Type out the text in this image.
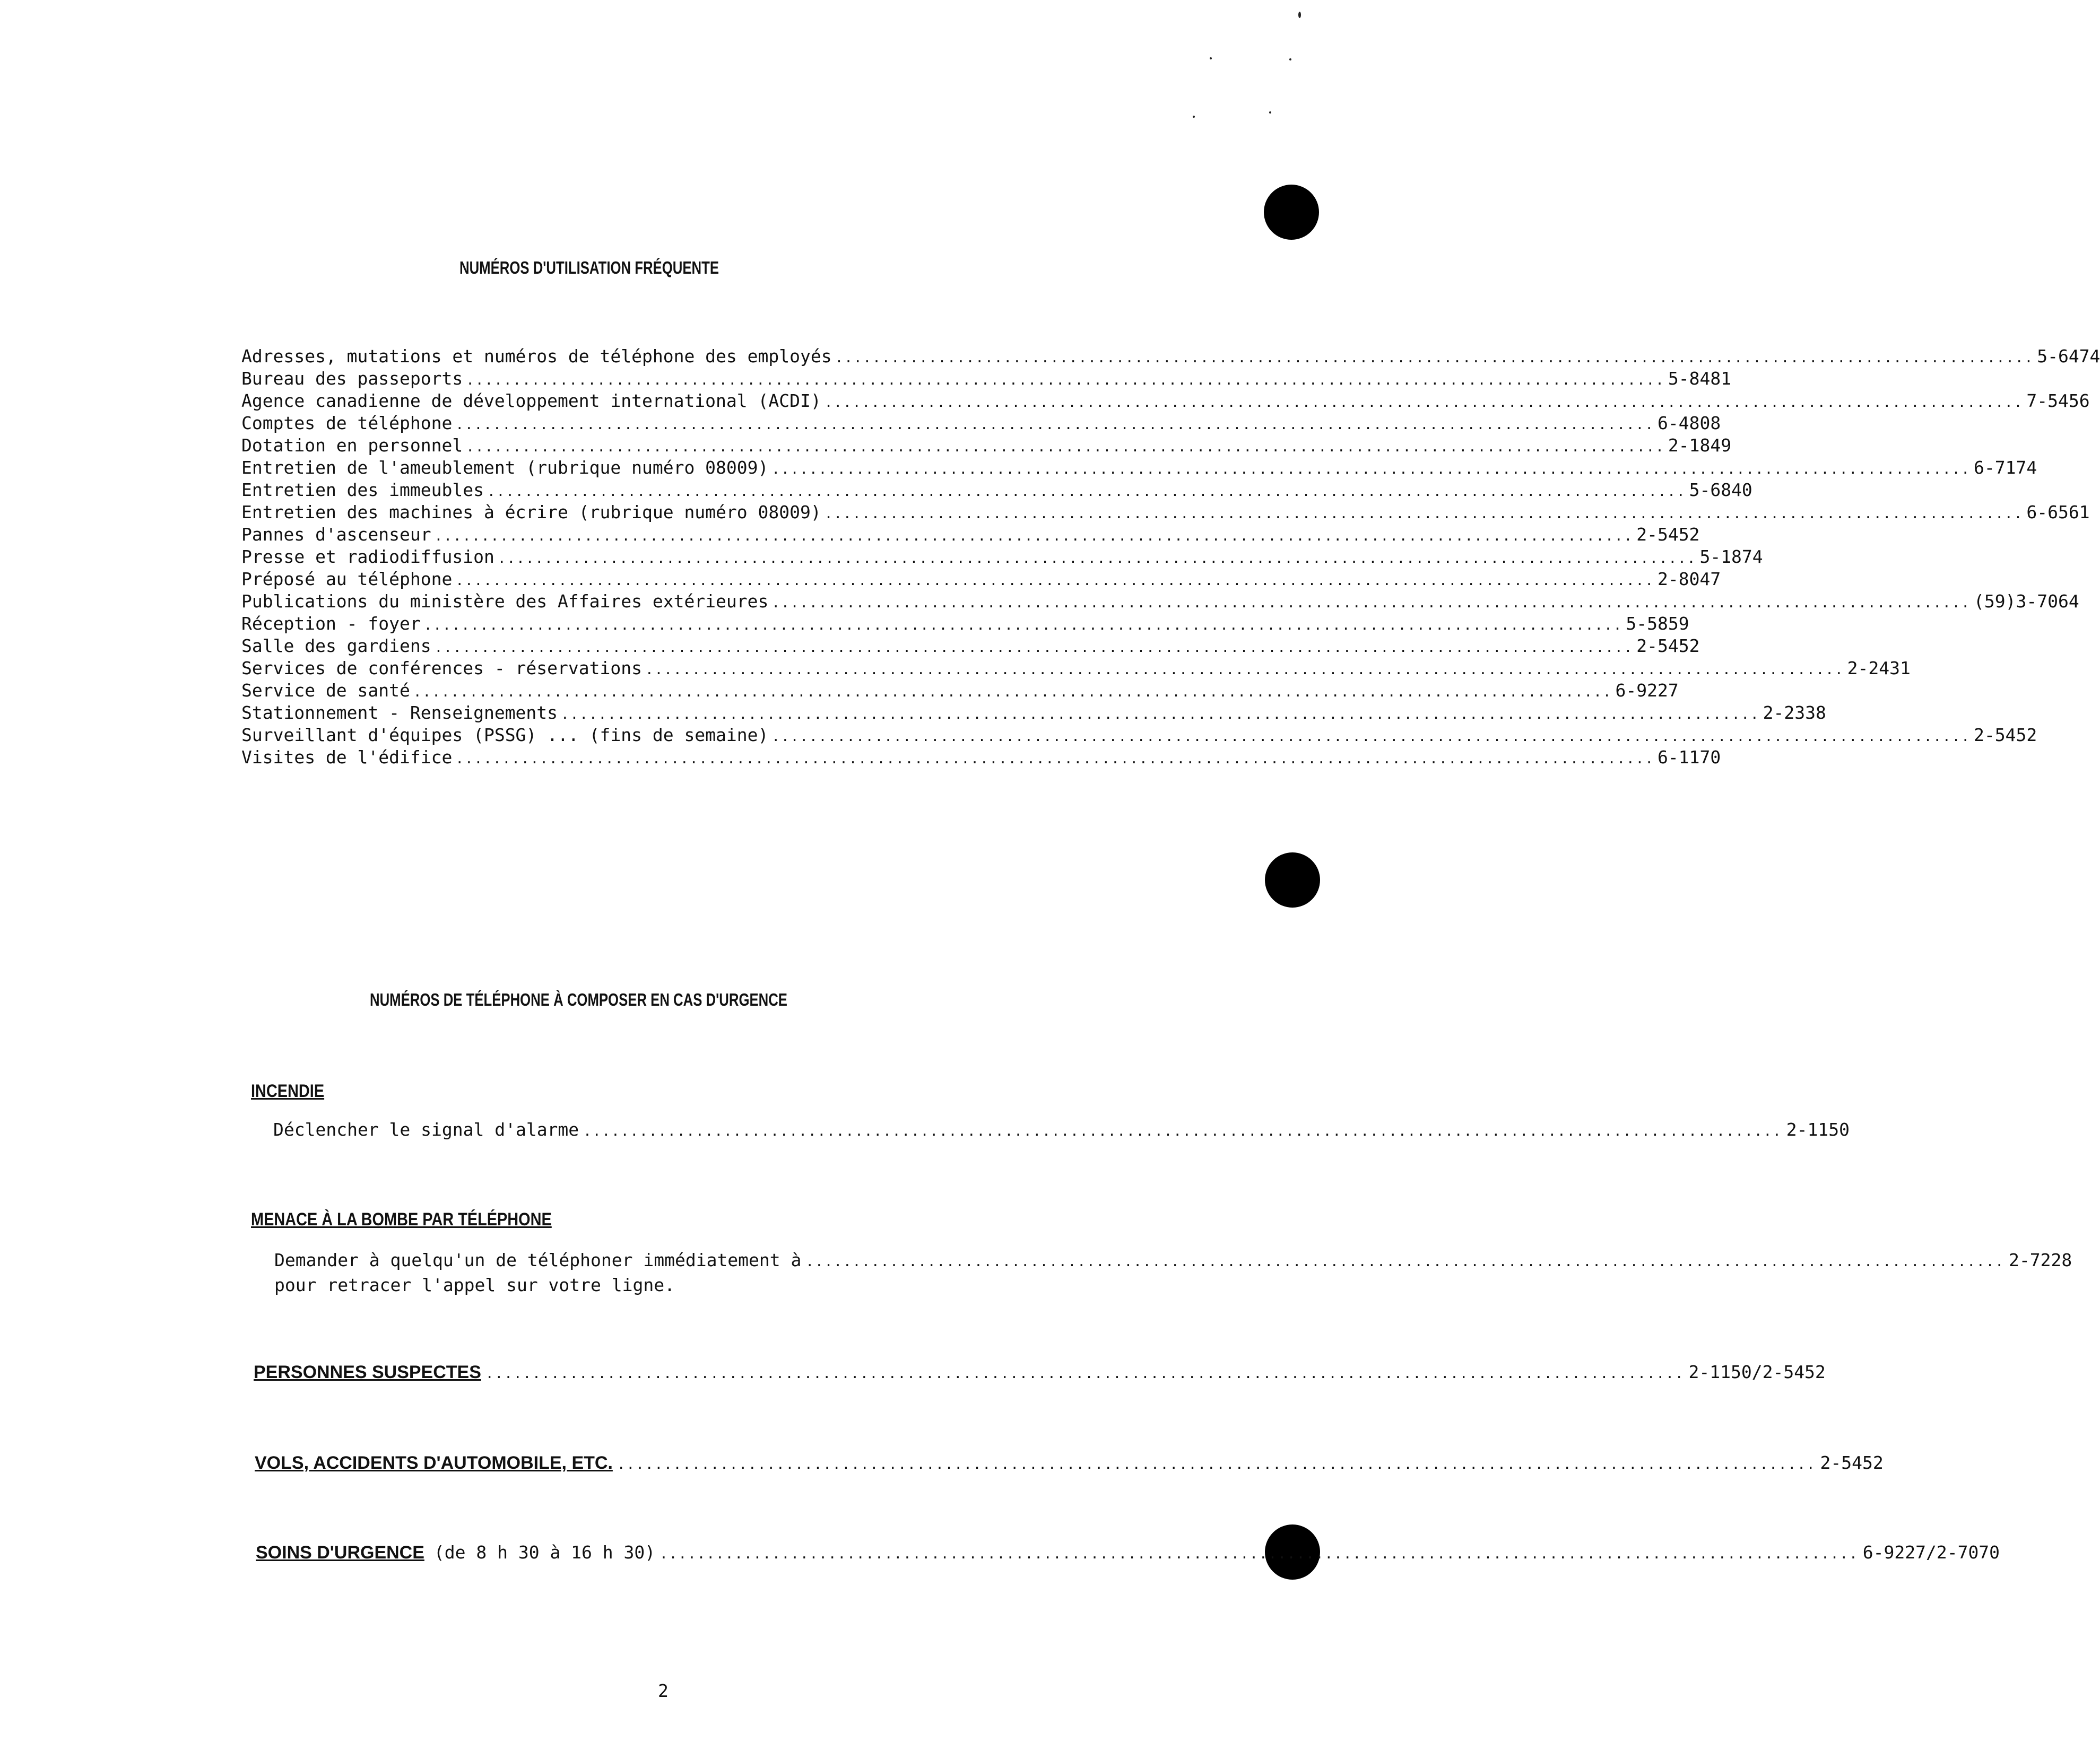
NUMÉROS D'UTILISATION FRÉQUENTE
Adresses, mutations et numéros de téléphone des employés ................................................................................................................................ 5-6474
Bureau des passeports ................................................................................................................................ 5-8481
Agence canadienne de développement international (ACDI) ................................................................................................................................ 7-5456
Comptes de téléphone ................................................................................................................................ 6-4808
Dotation en personnel ................................................................................................................................ 2-1849
Entretien de l'ameublement (rubrique numéro 08009) ................................................................................................................................ 6-7174
Entretien des immeubles ................................................................................................................................ 5-6840
Entretien des machines à écrire (rubrique numéro 08009) ................................................................................................................................ 6-6561
Pannes d'ascenseur ................................................................................................................................ 2-5452
Presse et radiodiffusion ................................................................................................................................ 5-1874
Préposé au téléphone ................................................................................................................................ 2-8047
Publications du ministère des Affaires extérieures ................................................................................................................................ (59)3-7064
Réception - foyer ................................................................................................................................ 5-5859
Salle des gardiens ................................................................................................................................ 2-5452
Services de conférences - réservations ................................................................................................................................ 2-2431
Service de santé ................................................................................................................................ 6-9227
Stationnement - Renseignements ................................................................................................................................ 2-2338
Surveillant d'équipes (PSSG) ... (fins de semaine) ................................................................................................................................ 2-5452
Visites de l'édifice ................................................................................................................................ 6-1170
NUMÉROS DE TÉLÉPHONE À COMPOSER EN CAS D'URGENCE
INCENDIE
Déclencher le signal d'alarme ................................................................................................................................ 2-1150
MENACE À LA BOMBE PAR TÉLÉPHONE
Demander à quelqu'un de téléphoner immédiatement à ................................................................................................................................ 2-7228
pour retracer l'appel sur votre ligne.
PERSONNES SUSPECTES ................................................................................................................................ 2-1150/2-5452
VOLS, ACCIDENTS D'AUTOMOBILE, ETC. ................................................................................................................................ 2-5452
SOINS D'URGENCE (de 8 h 30 à 16 h 30) ................................................................................................................................ 6-9227/2-7070
2
